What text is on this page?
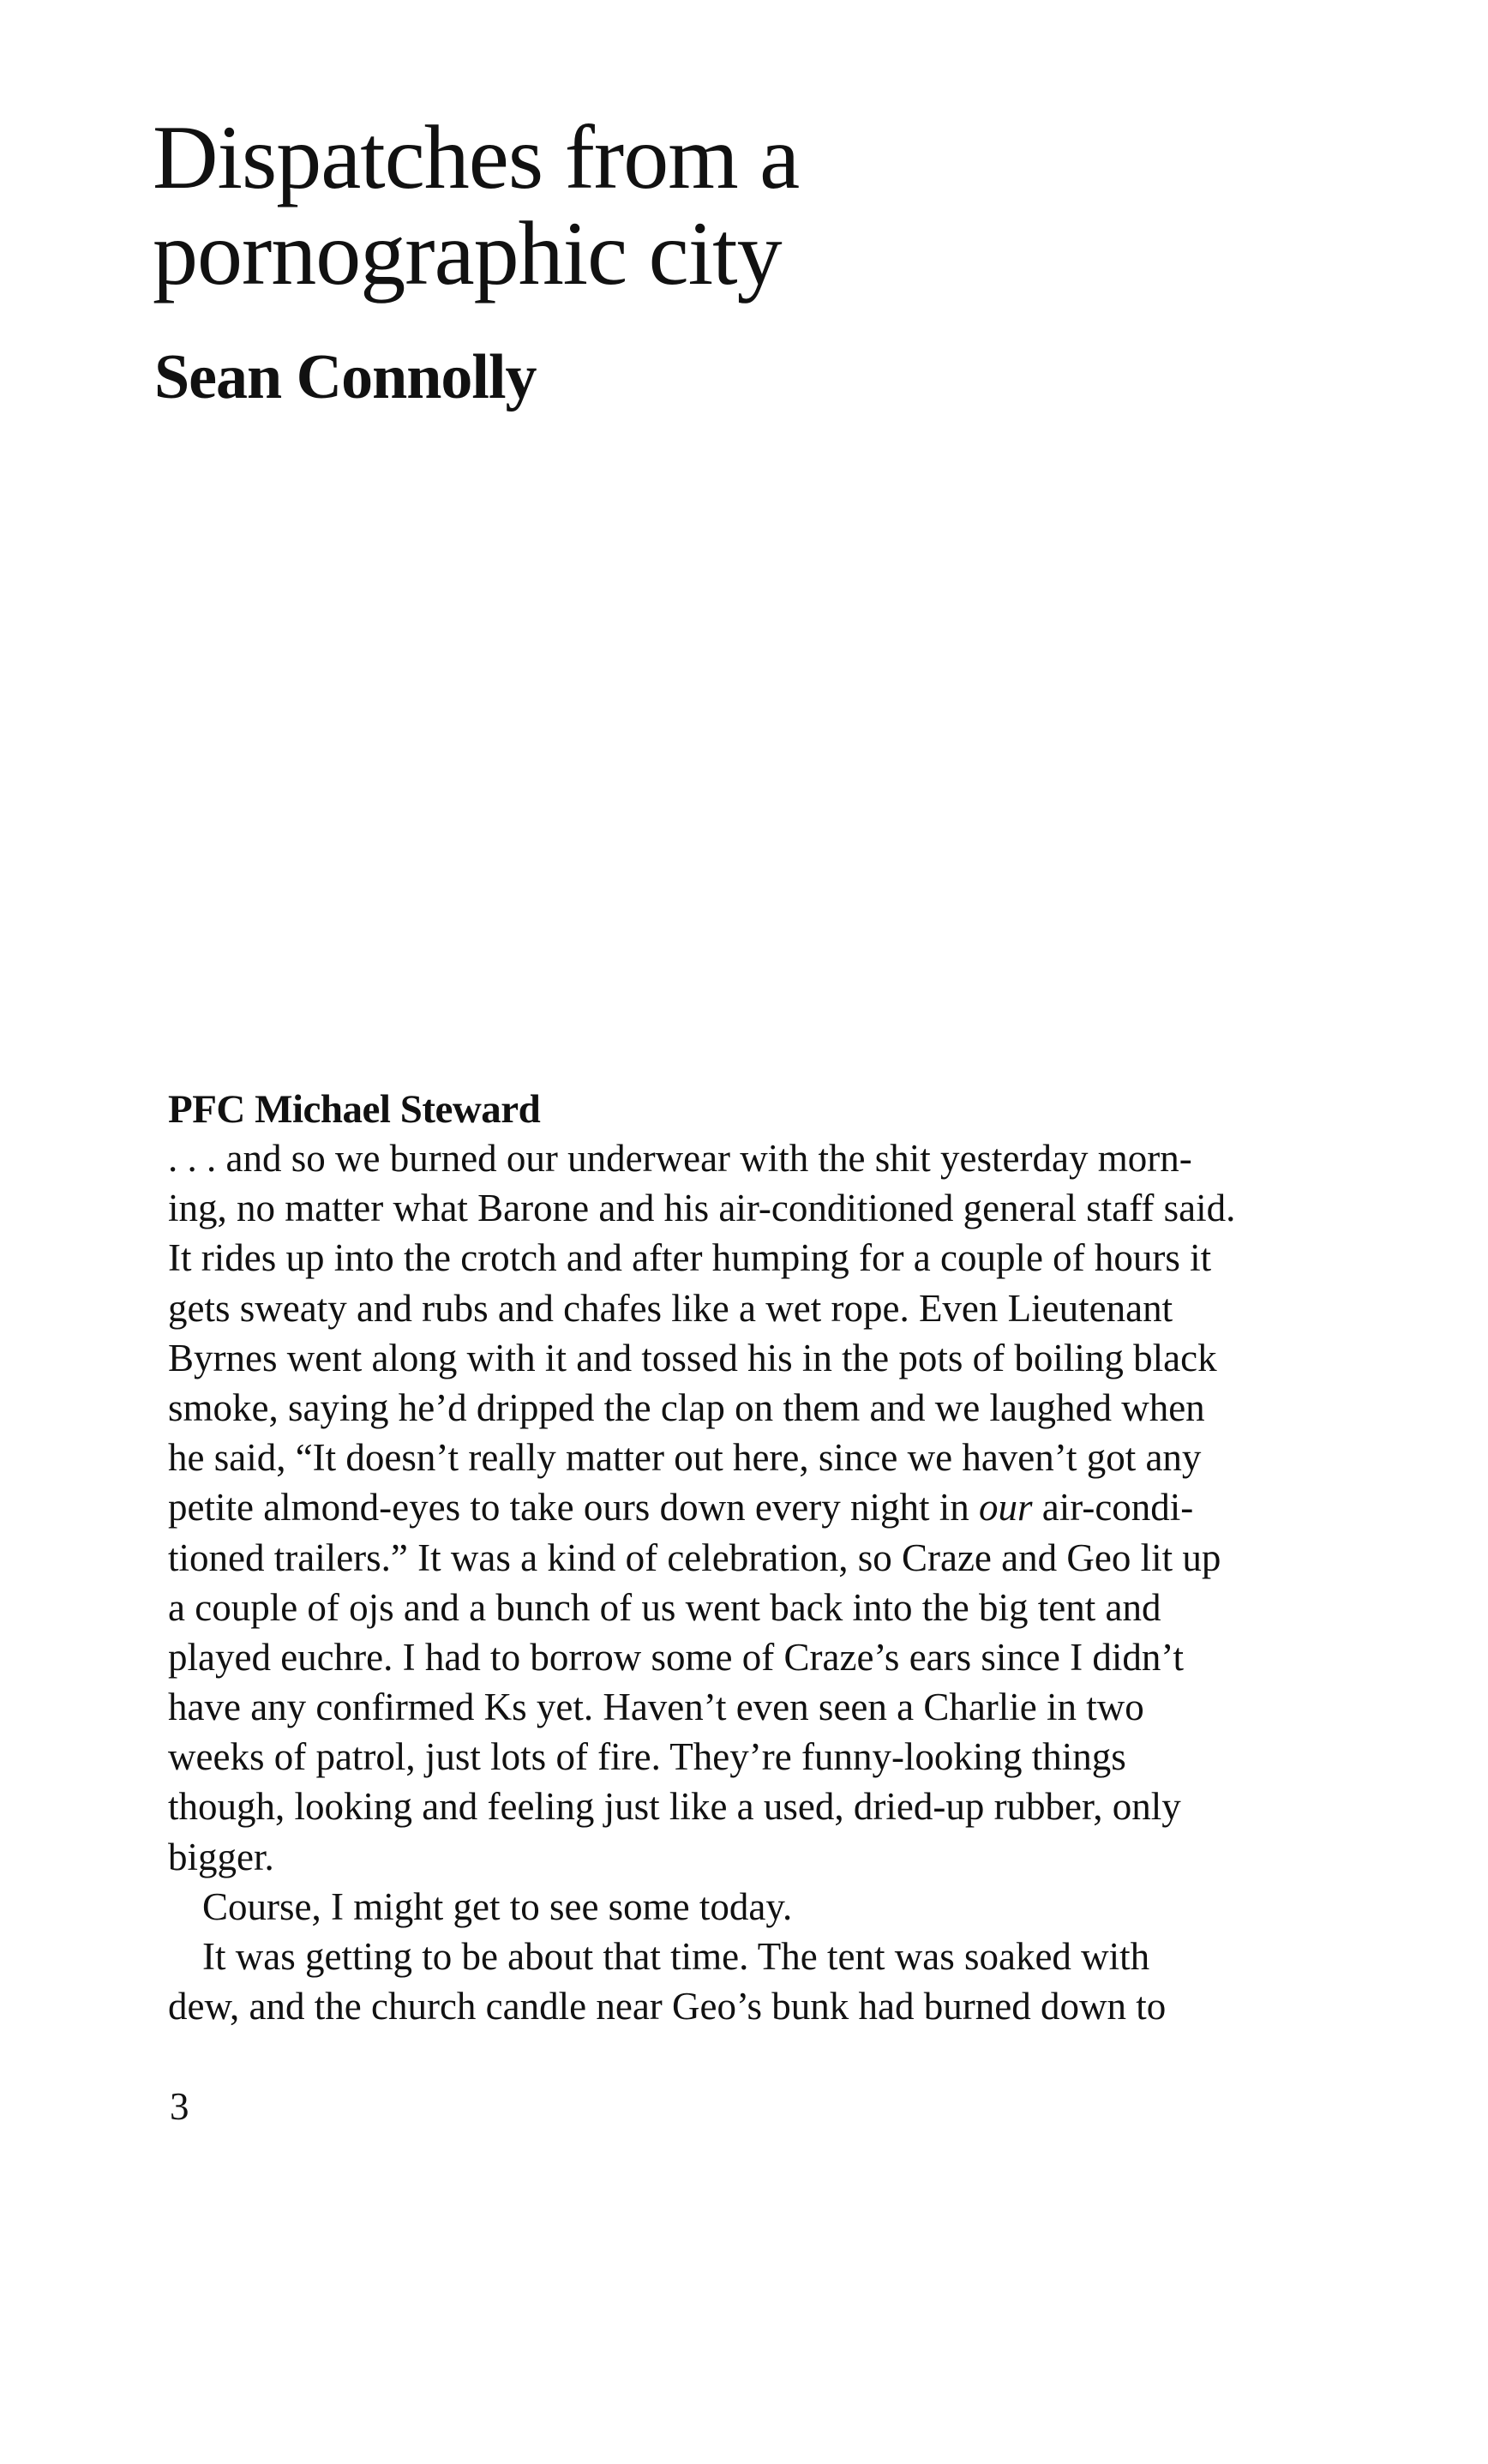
Dispatches from a
pornographic city
Sean Connolly
PFC Michael Steward
. . . and so we burned our underwear with the shit yesterday morn-
ing, no matter what Barone and his air-conditioned general staff said.
It rides up into the crotch and after humping for a couple of hours it
gets sweaty and rubs and chafes like a wet rope. Even Lieutenant
Byrnes went along with it and tossed his in the pots of boiling black
smoke, saying he’d dripped the clap on them and we laughed when
he said, “It doesn’t really matter out here, since we haven’t got any
petite almond-eyes to take ours down every night in our air-condi-
tioned trailers.” It was a kind of celebration, so Craze and Geo lit up
a couple of ojs and a bunch of us went back into the big tent and
played euchre. I had to borrow some of Craze’s ears since I didn’t
have any confirmed Ks yet. Haven’t even seen a Charlie in two
weeks of patrol, just lots of fire. They’re funny-looking things
though, looking and feeling just like a used, dried-up rubber, only
bigger.
Course, I might get to see some today.
It was getting to be about that time. The tent was soaked with
dew, and the church candle near Geo’s bunk had burned down to
3
